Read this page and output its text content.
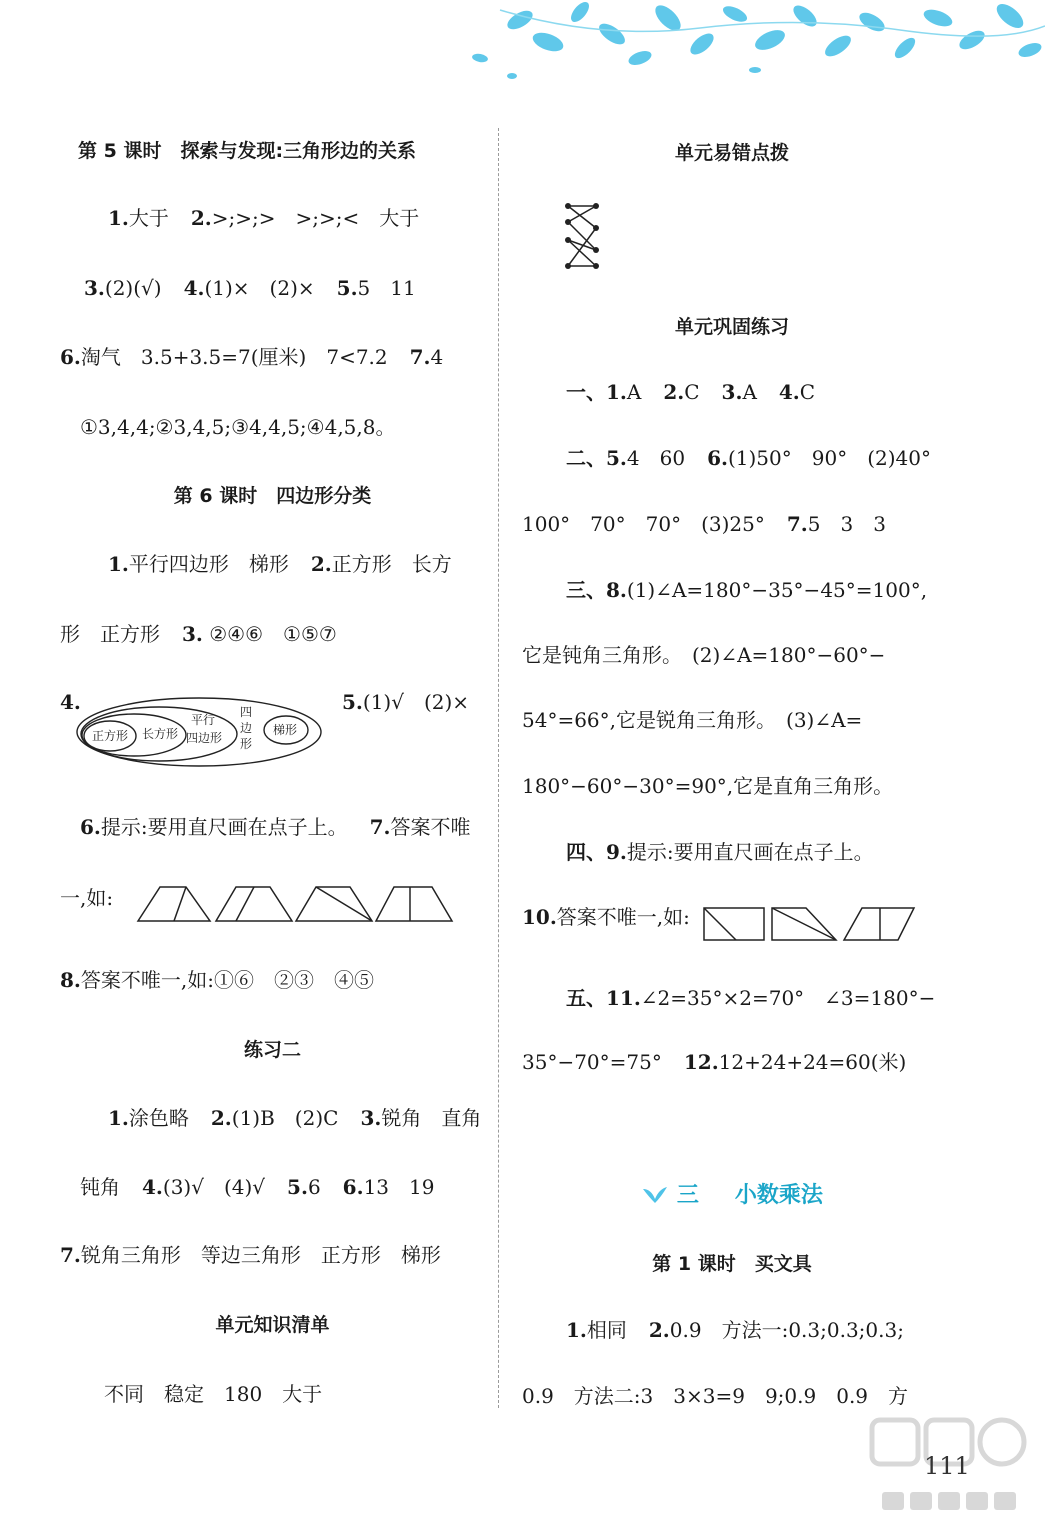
第 5 课时　探索与发现:三角形边的关系
1.大于 2.>;>;>　>;>;<　大于
3.(2)(√) 4.(1)×　(2)× 5.5　11
6.淘气　3.5+3.5=7(厘米)　7<7.2 7.4
①3,4,4;②3,4,5;③4,4,5;④4,5,8。
第 6 课时　四边形分类
1.平行四边形　梯形 2.正方形　长方
形　正方形 3. ②④⑥　①⑤⑦
4.	5.(1)√　(2)×
正方形 长方形
平行
四边形
四
边
形
梯形
6.提示:要用直尺画在点子上。 7.答案不唯
一,如:
8.答案不唯一,如:①⑥　②③　④⑤
练习二
1.涂色略 2.(1)B　(2)C 3.锐角　直角
钝角 4.(3)√　(4)√ 5.6 6.13　19
7.锐角三角形　等边三角形　正方形　梯形
单元知识清单
不同　稳定　180　大于
单元易错点拨
单元巩固练习
一、1.A 2.C 3.A 4.C
二、5.4　60 6.(1)50°　90°　(2)40°
100°　70°　70°　(3)25° 7.5　3　3
三、8.(1)∠A=180°−35°−45°=100°,
它是钝角三角形。　(2)∠A=180°−60°−
54°=66°,它是锐角三角形。　(3)∠A=
180°−60°−30°=90°,它是直角三角形。
四、9.提示:要用直尺画在点子上。
10.答案不唯一,如:
五、11.∠2=35°×2=70°　∠3=180°−
35°−70°=75° 12.12+24+24=60(米)
三 小数乘法
第 1 课时　买文具
1.相同 2.0.9　方法一:0.3;0.3;0.3;
0.9　方法二:3　3×3=9　9;0.9　0.9　方
111
